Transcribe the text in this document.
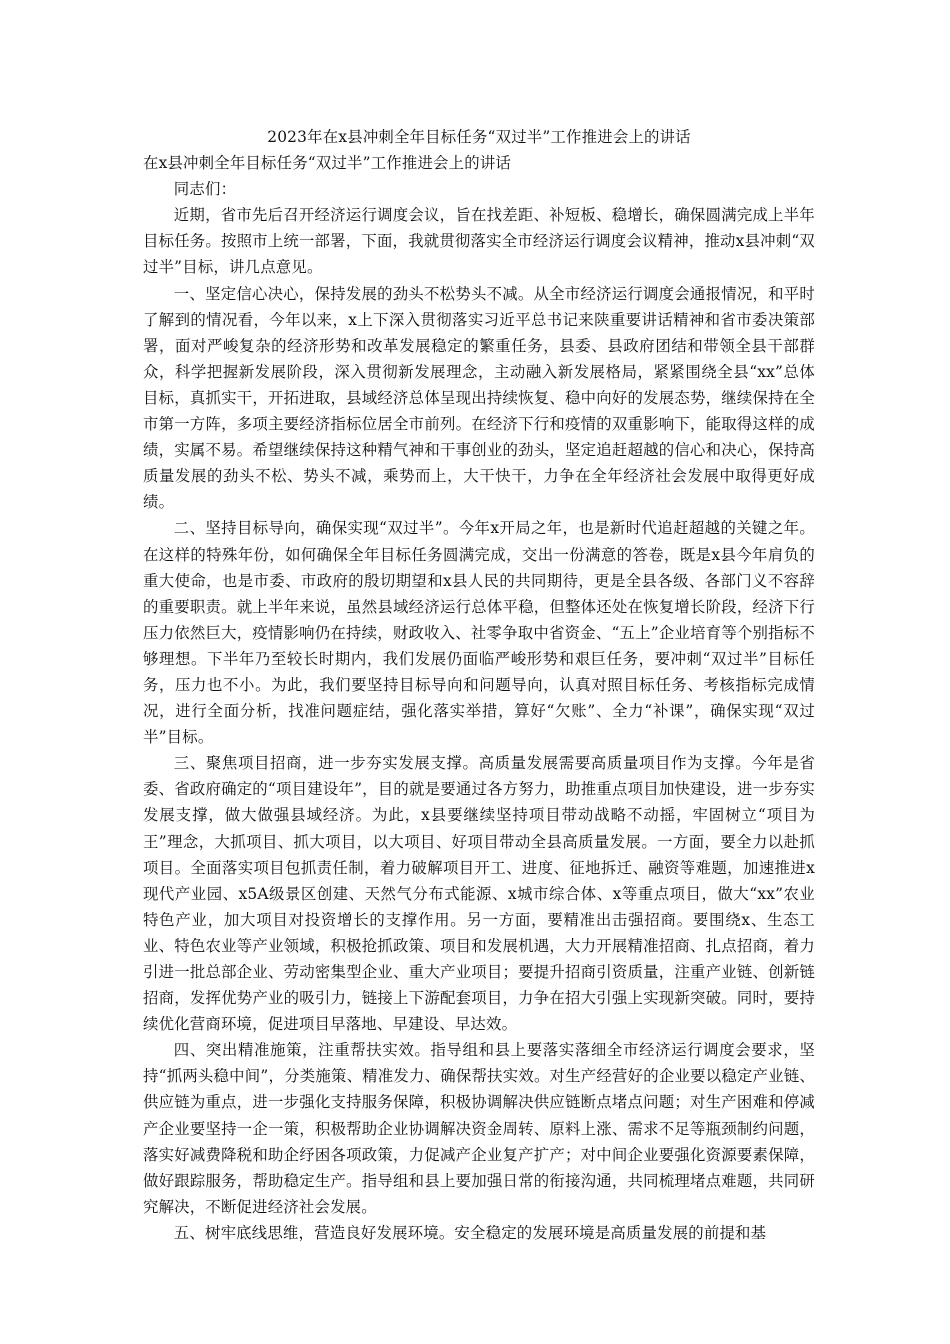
2023年在x县冲刺全年目标任务“双过半”工作推进会上的讲话

在x县冲刺全年目标任务“双过半”工作推进会上的讲话

同志们：

近期，省市先后召开经济运行调度会议，旨在找差距、补短板、稳增长，确保圆满完成上半年目标任务。按照市上统一部署，下面，我就贯彻落实全市经济运行调度会议精神，推动x县冲刺“双过半”目标，讲几点意见。

一、坚定信心决心，保持发展的劲头不松势头不减。从全市经济运行调度会通报情况，和平时了解到的情况看，今年以来，x上下深入贯彻落实习近平总书记来陕重要讲话精神和省市委决策部署，面对严峻复杂的经济形势和改革发展稳定的繁重任务，县委、县政府团结和带领全县干部群众，科学把握新发展阶段，深入贯彻新发展理念，主动融入新发展格局，紧紧围绕全县“xx”总体目标，真抓实干，开拓进取，县域经济总体呈现出持续恢复、稳中向好的发展态势，继续保持在全市第一方阵，多项主要经济指标位居全市前列。在经济下行和疫情的双重影响下，能取得这样的成绩，实属不易。希望继续保持这种精气神和干事创业的劲头，坚定追赶超越的信心和决心，保持高质量发展的劲头不松、势头不减，乘势而上，大干快干，力争在全年经济社会发展中取得更好成绩。

二、坚持目标导向，确保实现“双过半”。今年x开局之年，也是新时代追赶超越的关键之年。在这样的特殊年份，如何确保全年目标任务圆满完成，交出一份满意的答卷，既是x县今年肩负的重大使命，也是市委、市政府的殷切期望和x县人民的共同期待，更是全县各级、各部门义不容辞的重要职责。就上半年来说，虽然县域经济运行总体平稳，但整体还处在恢复增长阶段，经济下行压力依然巨大，疫情影响仍在持续，财政收入、社零争取中省资金、“五上”企业培育等个别指标不够理想。下半年乃至较长时期内，我们发展仍面临严峻形势和艰巨任务，要冲刺“双过半”目标任务，压力也不小。为此，我们要坚持目标导向和问题导向，认真对照目标任务、考核指标完成情况，进行全面分析，找准问题症结，强化落实举措，算好“欠账”、全力“补课”，确保实现“双过半”目标。

三、聚焦项目招商，进一步夯实发展支撑。高质量发展需要高质量项目作为支撑。今年是省委、省政府确定的“项目建设年”，目的就是要通过各方努力，助推重点项目加快建设，进一步夯实发展支撑，做大做强县域经济。为此，x县要继续坚持项目带动战略不动摇，牢固树立“项目为王”理念，大抓项目、抓大项目，以大项目、好项目带动全县高质量发展。一方面，要全力以赴抓项目。全面落实项目包抓责任制，着力破解项目开工、进度、征地拆迁、融资等难题，加速推进x现代产业园、x5A级景区创建、天然气分布式能源、x城市综合体、x等重点项目，做大“xx”农业特色产业，加大项目对投资增长的支撑作用。另一方面，要精准出击强招商。要围绕x、生态工业、特色农业等产业领域，积极抢抓政策、项目和发展机遇，大力开展精准招商、扎点招商，着力引进一批总部企业、劳动密集型企业、重大产业项目；要提升招商引资质量，注重产业链、创新链招商，发挥优势产业的吸引力，链接上下游配套项目，力争在招大引强上实现新突破。同时，要持续优化营商环境，促进项目早落地、早建设、早达效。

四、突出精准施策，注重帮扶实效。指导组和县上要落实落细全市经济运行调度会要求，坚持“抓两头稳中间”，分类施策、精准发力、确保帮扶实效。对生产经营好的企业要以稳定产业链、供应链为重点，进一步强化支持服务保障，积极协调解决供应链断点堵点问题；对生产困难和停减产企业要坚持一企一策，积极帮助企业协调解决资金周转、原料上涨、需求不足等瓶颈制约问题，落实好减费降税和助企纾困各项政策，力促减产企业复产扩产；对中间企业要强化资源要素保障，做好跟踪服务，帮助稳定生产。指导组和县上要加强日常的衔接沟通，共同梳理堵点难题，共同研究解决，不断促进经济社会发展。

五、树牢底线思维，营造良好发展环境。安全稳定的发展环境是高质量发展的前提和基
